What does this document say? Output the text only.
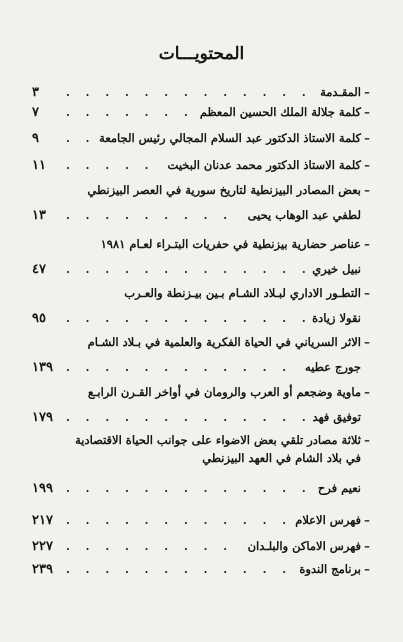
المحتويـــات
–
المقـدمة
. . .
٣
–
كلمة جلالة الملك الحسين المعظم
. . .
٧
–
كلمة الاستاذ الدكتور عبد السلام المجالي رئيس الجامعة
. . .
٩
–
كلمة الاستاذ الدكتور محمد عدنان البخيت
. . .
١١
–
بعض المصادر البيزنطية لتاريخ سورية في العصر البيزنطي
لطفي عبد الوهاب يحيى
. . .
١٣
–
عناصر حضارية بيزنطية في حفريات البتـراء لعـام ١٩٨١
نبيل خيري
. . .
٤٧
–
التطـور الاداري لبـلاد الشـام بـين بيـزنطة والعـرب
نقولا زيادة
. . .
٩٥
–
الاثر السرياني في الحياة الفكرية والعلمية في بـلاد الشـام
جورج عطيه
. . .
١٣٩
–
ماوية وضجعم أو العرب والرومان في أواخر القـرن الرابـع
توفيق فهد
. . .
١٧٩
–
ثلاثة مصادر تلقي بعض الاضواء على جوانب الحياة الاقتصادية
في بلاد الشام في العهد البيزنطي
نعيم فرح
. . .
١٩٩
–
فهرس الاعلام
. . .
٢١٧
–
فهرس الاماكن والبلـدان
. . .
٢٢٧
–
برنامج الندوة
. . .
٢٣٩
